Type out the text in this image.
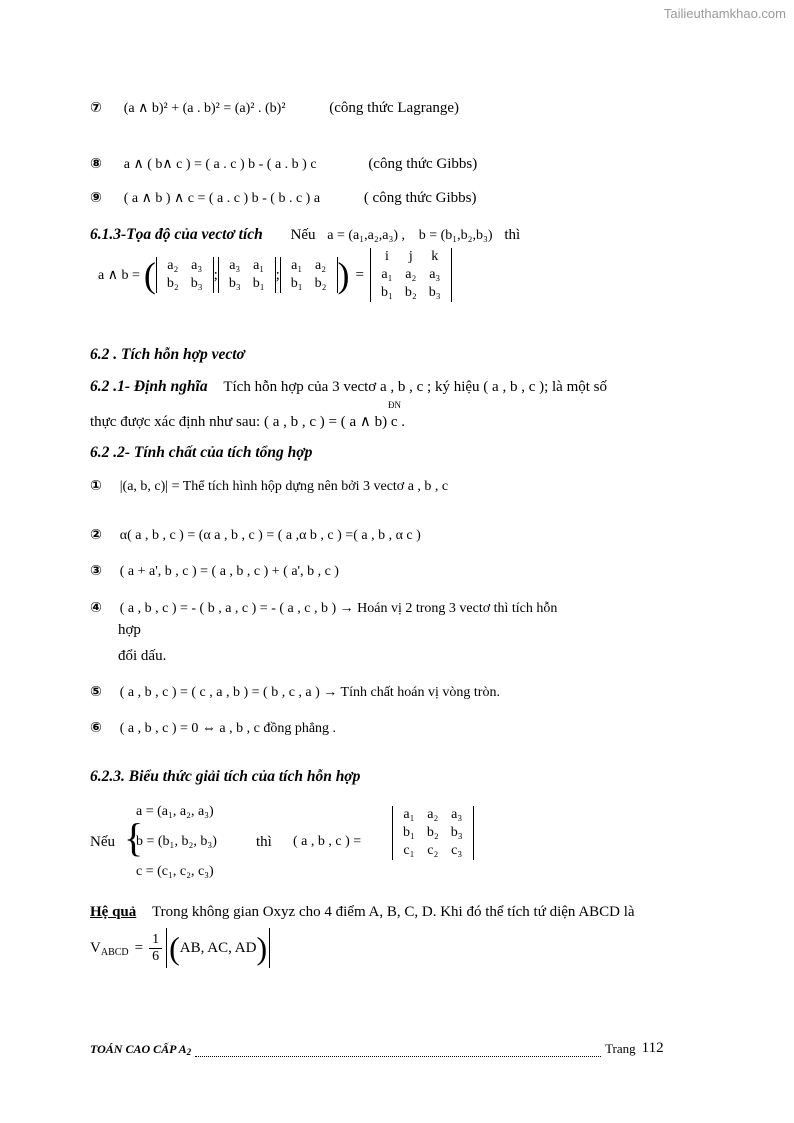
Tailieuthamkhao.com
⑦ (a ∧ b)² + (a . b)² = (a)² . (b)²	(công thức Lagrange)
⑧ a ∧ ( b∧ c ) = ( a . c ) b - ( a . b ) c	(công thức Gibbs)
⑨ ( a ∧ b ) ∧ c = ( a . c ) b - ( b . c ) a	( công thức Gibbs)
6.1.3-Tọa độ của vectơ tích Nếu a = (a₁,a₂,a₃) , b = (b₁,b₂,b₃) thì
a ∧ b = ( a₂	a₃
b₂	b₃
;
a₃	a₁
b₃	b₁
;
a₁	a₂
b₁	b₂ ) =
i	j	k
a₁	a₂	a₃
b₁	b₂	b₃
6.2 . Tích hỗn hợp vectơ
6.2 .1- Định nghĩa Tích hỗn hợp của 3 vectơ a , b , c ; ký hiệu ( a , b , c ); là một số
thực được xác định như sau: ( a , b , c ) = ( a ∧ b) c .
ĐN
6.2 .2- Tính chất của tích tổng hợp
① |(a, b, c)| = Thể tích hình hộp dựng nên bởi 3 vectơ a , b , c
② α( a , b , c ) = (α a , b , c ) = ( a ,α b , c ) =( a , b , α c )
③ ( a + a', b , c ) = ( a , b , c ) + ( a', b , c )
④ ( a , b , c ) = - ( b , a , c ) = - ( a , c , b ) → Hoán vị 2 trong 3 vectơ thì tích hỗn
hợp
đổi dấu.
⑤ ( a , b , c ) = ( c , a , b ) = ( b , c , a ) → Tính chất hoán vị vòng tròn.
⑥ ( a , b , c ) = 0 ⇔ a , b , c đồng phẳng .
6.2.3. Biểu thức giải tích của tích hỗn hợp
Nếu {
a = (a₁, a₂, a₃)
b = (b₁, b₂, b₃)
c = (c₁, c₂, c₃)
thì ( a , b , c ) =
a₁	a₂	a₃
b₁	b₂	b₃
c₁	c₂	c₃
Hệ quả Trong không gian Oxyz cho 4 điểm A, B, C, D. Khi đó thể tích tứ diện ABCD là
V ABCD = $\frac{1}{6}$ ( AB, AC, AD )
TOÁN CAO CẤP A 2	Trang 112
